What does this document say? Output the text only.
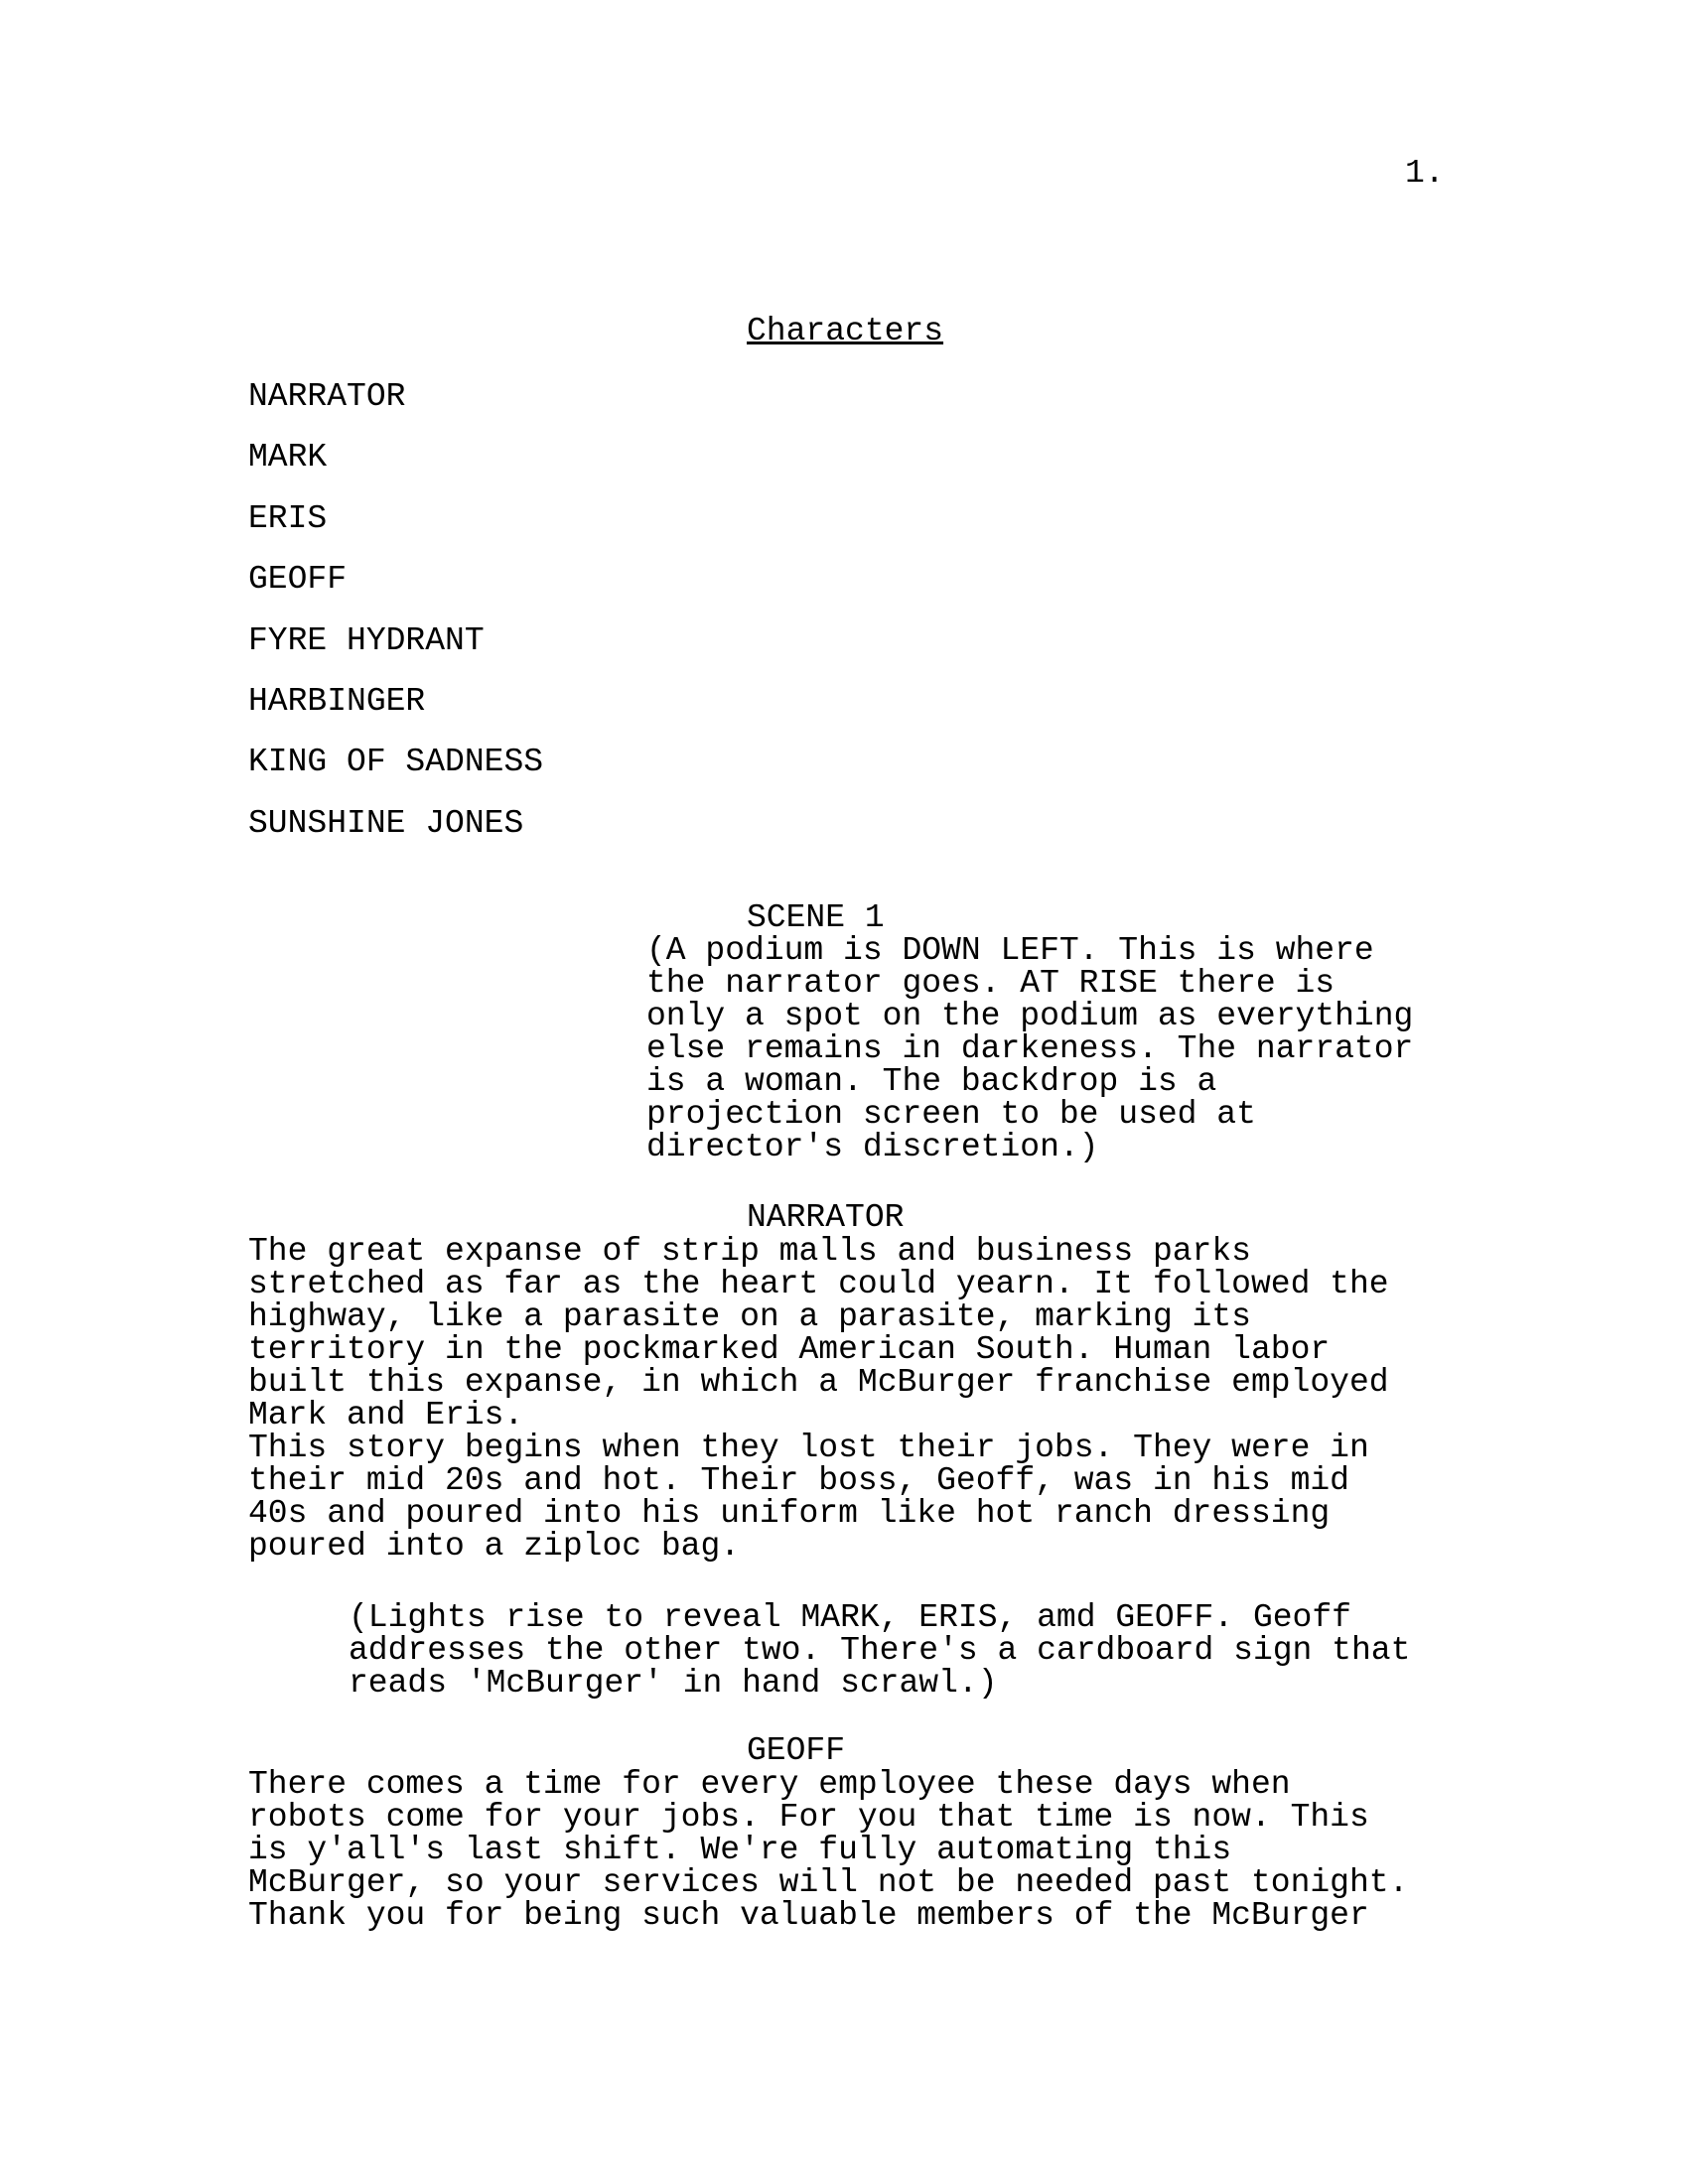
1.
Characters
NARRATOR
MARK
ERIS
GEOFF
FYRE HYDRANT
HARBINGER
KING OF SADNESS
SUNSHINE JONES
SCENE 1
(A podium is DOWN LEFT. This is where
the narrator goes. AT RISE there is
only a spot on the podium as everything
else remains in darkeness. The narrator
is a woman. The backdrop is a
projection screen to be used at
director's discretion.)
NARRATOR
The great expanse of strip malls and business parks
stretched as far as the heart could yearn. It followed the
highway, like a parasite on a parasite, marking its
territory in the pockmarked American South. Human labor
built this expanse, in which a McBurger franchise employed
Mark and Eris.
This story begins when they lost their jobs. They were in
their mid 20s and hot. Their boss, Geoff, was in his mid
40s and poured into his uniform like hot ranch dressing
poured into a ziploc bag.
(Lights rise to reveal MARK, ERIS, amd GEOFF. Geoff
addresses the other two. There's a cardboard sign that
reads 'McBurger' in hand scrawl.)
GEOFF
There comes a time for every employee these days when
robots come for your jobs. For you that time is now. This
is y'all's last shift. We're fully automating this
McBurger, so your services will not be needed past tonight.
Thank you for being such valuable members of the McBurger
